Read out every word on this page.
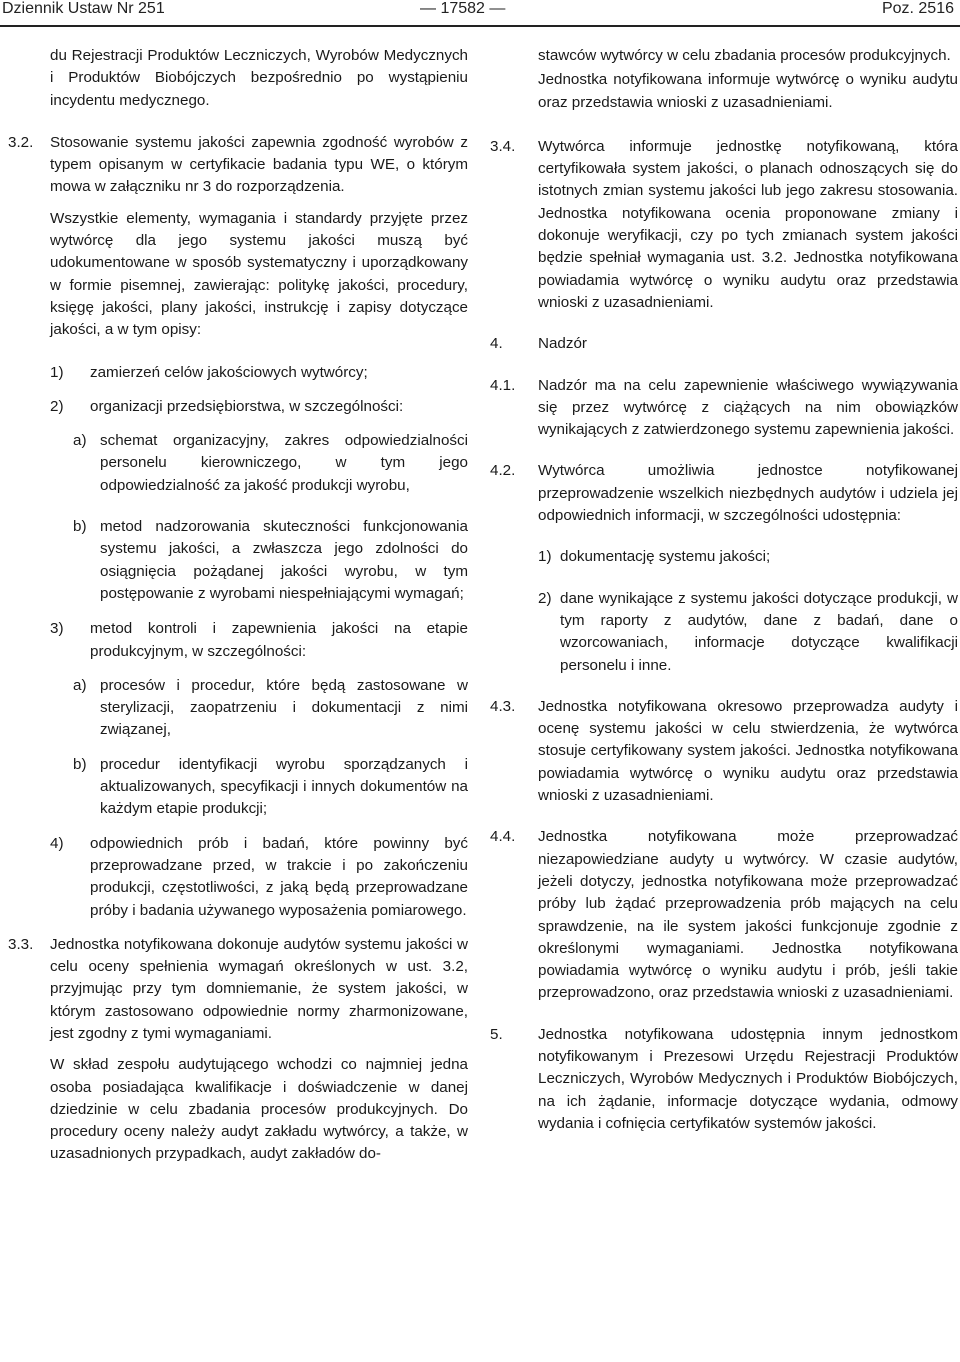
Dziennik Ustaw Nr 251	— 17582 —	Poz. 2516

du Rejestracji Produktów Leczniczych, Wyrobów Medycznych i Produktów Biobójczych bezpośrednio po wystąpieniu incydentu medycznego.

3.2. Stosowanie systemu jakości zapewnia zgodność wyrobów z typem opisanym w certyfikacie badania typu WE, o którym mowa w załączniku nr 3 do rozporządzenia.

Wszystkie elementy, wymagania i standardy przyjęte przez wytwórcę dla jego systemu jakości muszą być udokumentowane w sposób systematyczny i uporządkowany w formie pisemnej, zawierając: politykę jakości, procedury, księgę jakości, plany jakości, instrukcję i zapisy dotyczące jakości, a w tym opisy:

1) zamierzeń celów jakościowych wytwórcy;

2) organizacji przedsiębiorstwa, w szczególności:

a) schemat organizacyjny, zakres odpowiedzialności personelu kierowniczego, w tym jego odpowiedzialność za jakość produkcji wyrobu,

b) metod nadzorowania skuteczności funkcjonowania systemu jakości, a zwłaszcza jego zdolności do osiągnięcia pożądanej jakości wyrobu, w tym postępowanie z wyrobami niespełniającymi wymagań;

3) metod kontroli i zapewnienia jakości na etapie produkcyjnym, w szczególności:

a) procesów i procedur, które będą zastosowane w sterylizacji, zaopatrzeniu i dokumentacji z nimi związanej,

b) procedur identyfikacji wyrobu sporządzanych i aktualizowanych, specyfikacji i innych dokumentów na każdym etapie produkcji;

4) odpowiednich prób i badań, które powinny być przeprowadzane przed, w trakcie i po zakończeniu produkcji, częstotliwości, z jaką będą przeprowadzane próby i badania używanego wyposażenia pomiarowego.

3.3. Jednostka notyfikowana dokonuje audytów systemu jakości w celu oceny spełnienia wymagań określonych w ust. 3.2, przyjmując przy tym domniemanie, że system jakości, w którym zastosowano odpowiednie normy zharmonizowane, jest zgodny z tymi wymaganiami.

W skład zespołu audytującego wchodzi co najmniej jedna osoba posiadająca kwalifikacje i doświadczenie w danej dziedzinie w celu zbadania procesów produkcyjnych. Do procedury oceny należy audyt zakładu wytwórcy, a także, w uzasadnionych przypadkach, audyt zakładów do-

stawców wytwórcy w celu zbadania procesów produkcyjnych.

Jednostka notyfikowana informuje wytwórcę o wyniku audytu oraz przedstawia wnioski z uzasadnieniami.

3.4. Wytwórca informuje jednostkę notyfikowaną, która certyfikowała system jakości, o planach odnoszących się do istotnych zmian systemu jakości lub jego zakresu stosowania. Jednostka notyfikowana ocenia proponowane zmiany i dokonuje weryfikacji, czy po tych zmianach system jakości będzie spełniał wymagania ust. 3.2. Jednostka notyfikowana powiadamia wytwórcę o wyniku audytu oraz przedstawia wnioski z uzasadnieniami.

4. Nadzór

4.1. Nadzór ma na celu zapewnienie właściwego wywiązywania się przez wytwórcę z ciążących na nim obowiązków wynikających z zatwierdzonego systemu zapewnienia jakości.

4.2. Wytwórca umożliwia jednostce notyfikowanej przeprowadzenie wszelkich niezbędnych audytów i udziela jej odpowiednich informacji, w szczególności udostępnia:

1) dokumentację systemu jakości;

2) dane wynikające z systemu jakości dotyczące produkcji, w tym raporty z audytów, dane z badań, dane o wzorcowaniach, informacje dotyczące kwalifikacji personelu i inne.

4.3. Jednostka notyfikowana okresowo przeprowadza audyty i ocenę systemu jakości w celu stwierdzenia, że wytwórca stosuje certyfikowany system jakości. Jednostka notyfikowana powiadamia wytwórcę o wyniku audytu oraz przedstawia wnioski z uzasadnieniami.

4.4. Jednostka notyfikowana może przeprowadzać niezapowiedziane audyty u wytwórcy. W czasie audytów, jeżeli dotyczy, jednostka notyfikowana może przeprowadzać próby lub żądać przeprowadzenia prób mających na celu sprawdzenie, na ile system jakości funkcjonuje zgodnie z określonymi wymaganiami. Jednostka notyfikowana powiadamia wytwórcę o wyniku audytu i prób, jeśli takie przeprowadzono, oraz przedstawia wnioski z uzasadnieniami.

5. Jednostka notyfikowana udostępnia innym jednostkom notyfikowanym i Prezesowi Urzędu Rejestracji Produktów Leczniczych, Wyrobów Medycznych i Produktów Biobójczych, na ich żądanie, informacje dotyczące wydania, odmowy wydania i cofnięcia certyfikatów systemów jakości.
